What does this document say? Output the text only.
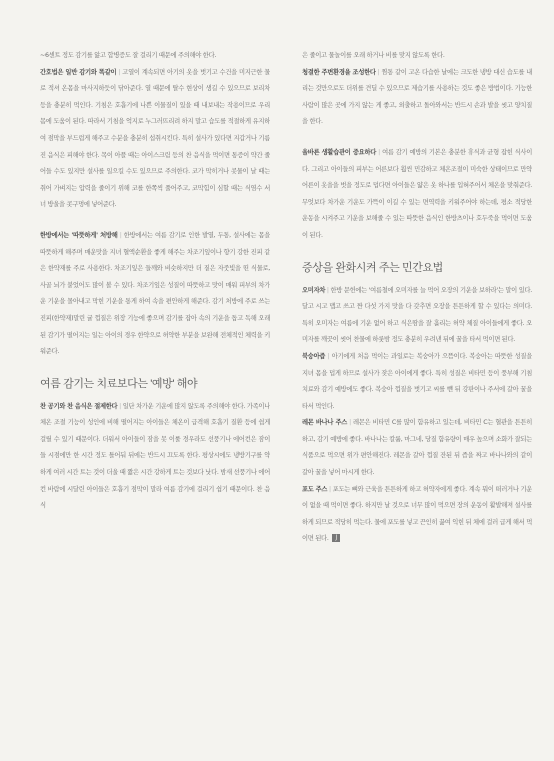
~6센트 정도 감기를 앓고 합병증도 잘 걸리기 때문에 주의해야 한다.

간호법은 일반 감기와 똑같이 | 고열이 계속되면 아기의 옷을 벗기고 수건을 미지근한 물로 적셔 온몸을 마사지하듯이 닦아준다. 열 때문에 탈수 현상이 생길 수 있으므로 보리차 등을 충분히 먹인다. 기침은 호흡기에 나쁜 이물질이 있을 때 내보내는 작용이므로 우리 몸에 도움이 된다. 따라서 기침을 억지로 누그러뜨리려 하지 말고 습도를 적절하게 유지하여 점막을 부드럽게 해주고 수분을 충분히 섭취시킨다. 특히 설사가 있다면 지갑거나 기름진 음식은 피해야 한다. 목이 아플 때는 아이스크림 등의 찬 음식을 먹이면 통증이 약간 줄어들 수도 있지만 설사를 일으킬 수도 있으므로 주의한다. 코가 막히거나 콧물이 날 때는 취어 가벼지는 압력을 줄이기 위해 코를 한쪽씩 풀어주고, 코막힘이 심할 때는 식염수 서너 방울을 콧구멍에 넣어준다.

한방에서는 '따뜻하게' 처방해 | 한방에서는 여름 감기로 인한 발열, 두통, 설사에는 몸을 따뜻하게 해주며 매운맛을 지녀 혈액순환을 좋게 해주는 차조기잎이나 향기 강한 진피 같은 한약재를 주로 사용한다. 차조기잎은 들깨와 비슷하지만 더 짙은 자줏빛을 띤 식물로, 사골 뇌가 붙었어도 많이 볼 수 있다. 차조기잎은 성질이 따뜻하고 맛이 매워 피부의 차가운 기운을 몰아내고 막힌 기운을 통게 하여 속을 편안하게 해준다. 감기 처방에 주로 쓰는 진피(한약재)말린 귤 껍질은 위장 기능에 좋으며 감기를 잡아 속의 기운을 돕고 독해 오래된 감기가 떨어지는 일는 아이의 경우 한약으로 허약한 부분을 보완해 전체적인 체력을 키워준다.

여름 감기는 치료보다는 '예방' 해야

찬 공기와 찬 음식은 절제한다 | 일단 차가운 기운에 많지 않도록 주의해야 한다. 가족이나 체온 조절 기능이 성인에 비해 떨어지는 아이들은 체온이 급격해 호흡기 질환 등에 쉽게 걸릴 수 있기 때문이다. 더워서 아이들이 잠을 못 이룰 경우라도 선풍기나 에어컨은 잠이 들 시점에만 한 시간 정도 틀어둬 뒤에는 반드시 끄도록 한다. 평상시에도 냉방기구를 약하게 여러 시간 트는 것이 더울 때 짧은 시간 강하게 트는 것보다 낫다. 밤새 선풍기나 에어컨 바람에 시달린 아이들은 호흡기 점막이 말라 여름 감기에 걸리기 쉽기 때문이다. 찬 음식

은 줄이고 물놀이를 오래 하거나 비를 맞지 않도록 한다.

청결한 주변환경을 조성한다 | 찜통 같이 고온 다습한 날에는 크도한 냉방 대신 습도를 내리는 것만으로도 더위를 견딜 수 있으므로 제습기를 사용하는 것도 좋은 방법이다. 기능한 사람이 많은 곳에 가지 않는 게 좋고, 외출하고 돌아와서는 반드시 손과 발을 씻고 양치질을 한다.

올바른 생활습관이 중요하다 | 여름 감기 예방의 기본은 충분한 휴식과 균형 잡힌 식사이다. 그리고 아이들의 피부는 어른보다 훨씬 민감하고 체온조절이 미숙한 상태이므로 만약 어른이 옷을을 벗을 정도로 덥다면 아이들은 얇은 옷 하나를 입혀주어서 체온을 맞춰준다. 무엇보다 차가운 기운도 가뜩이 이길 수 있는 면역력을 키워주어야 하는데, 평소 적당한 운동을 시켜주고 기운을 보해줄 수 있는 따뜻한 음식인 한방츠이나 호두죽을 먹이면 도움이 된다.

증상을 완화시켜 주는 민간요법

오미자차 | 한방 문헌에는 '여름철에 오미자를 늘 먹어 오장의 기운을 보하라'는 말이 있다. 달고 시고 맵고 쓰고 짠 다섯 가지 맛을 다 갖추면 오장을 튼튼하게 할 수 있다는 의미다. 특히 오미자는 여름에 기운 없어 하고 식은땀을 잘 흘리는 허약 체질 아이들에게 좋다. 오미자를 깨끗이 씻어 찬물에 하룻밤 정도 충분히 우려낸 뒤에 꿀을 타서 먹이면 된다.

북숭아즙 | 아기에게 처음 먹이는 과일로는 복숭아가 으뜸이다. 복숭아는 따뜻한 성질을 지녀 몸을 덥게 하므로 설사가 잦은 아이에게 좋다. 특히 성질은 비타민 등이 풍부해 기침 치료와 감기 예방에도 좋다. 복숭아 껍질을 벗기고 씨를 뺀 뒤 강판이나 주서에 갈아 꿀을 타서 먹인다.

레몬 바나나 주스 | 레몬은 비타민 C를 많이 함유하고 있는데, 비타민 C는 혈관을 튼튼히 하고, 감기 예방에 좋다. 바나나는 칼륨, 마그네, 당질 함유량이 매우 높으며 소화가 잘되는 식품으로 먹으면 위가 편안해진다. 레몬을 갈아 껍질 잔된 뒤 즙을 짜고 바나나와의 같이 갈아 꿀을 넣어 마시게 한다.

포도 주스 | 포도는 뼈와 근육을 튼튼하게 하고 허약자에게 좋다. 계속 뭐이 떠러거나 기운이 없을 때 먹이면 좋다. 하지만 날 것으로 너무 많이 먹으면 장의 운동이 활발해져 설사를 하게 되므로 적당히 먹는다. 물에 포도를 넣고 끈인히 끓여 익힌 뒤 체에 걸러 급게 해서 먹이면 된다. J
